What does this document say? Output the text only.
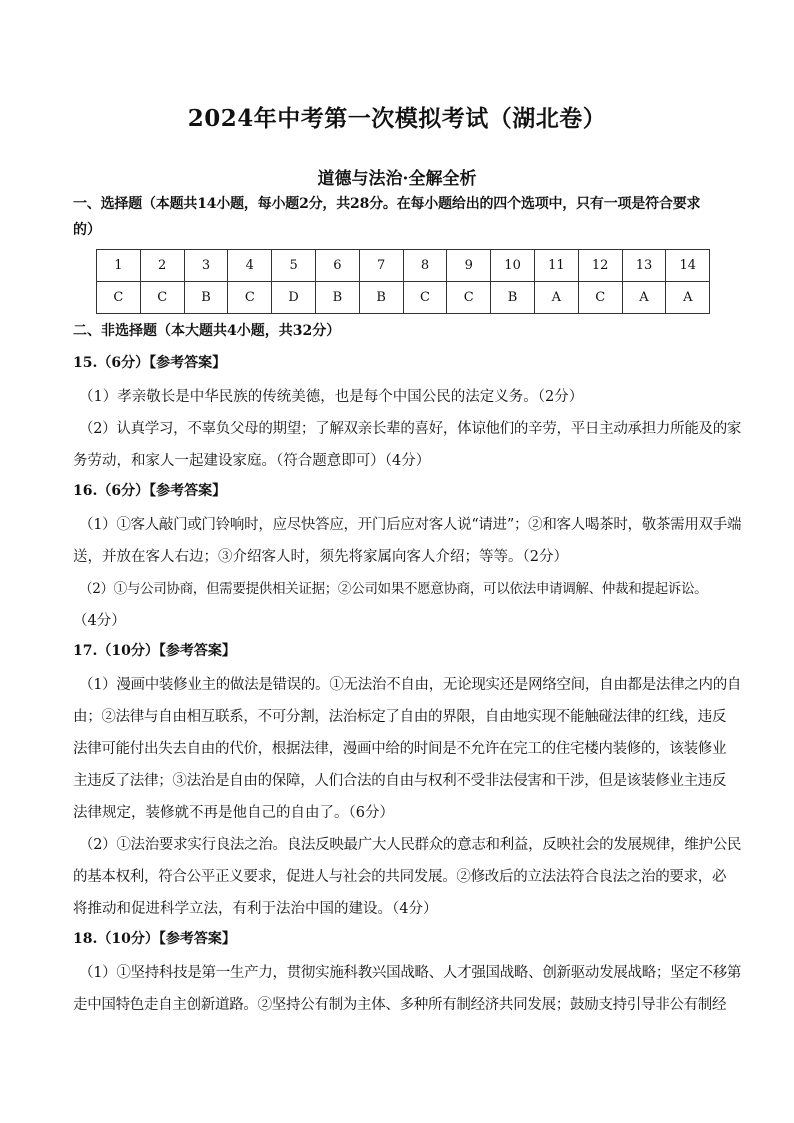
2024年中考第一次模拟考试（湖北卷）
道德与法治·全解全析
一、选择题（本题共14小题，每小题2分，共28分。在每小题给出的四个选项中，只有一项是符合要求
的）
1	2	3	4	5	6	7	8	9	10	11	12	13	14
C	C	B	C	D	B	B	C	C	B	A	C	A	A
二、非选择题（本大题共4小题，共32分）
15.（6分）【参考答案】
（1）孝亲敬长是中华民族的传统美德，也是每个中国公民的法定义务。（2分）
（2）认真学习，不辜负父母的期望；了解双亲长辈的喜好，体谅他们的辛劳，平日主动承担力所能及的家
务劳动，和家人一起建设家庭。（符合题意即可）（4分）
16.（6分）【参考答案】
（1）①客人敲门或门铃响时，应尽快答应，开门后应对客人说“请进”；②和客人喝茶时，敬茶需用双手端
送，并放在客人右边；③介绍客人时，须先将家属向客人介绍；等等。（2分）
（2）①与公司协商，但需要提供相关证据；②公司如果不愿意协商，可以依法申请调解、仲裁和提起诉讼。
（4分）
17.（10分）【参考答案】
（1）漫画中装修业主的做法是错误的。①无法治不自由，无论现实还是网络空间，自由都是法律之内的自
由；②法律与自由相互联系，不可分割，法治标定了自由的界限，自由地实现不能触碰法律的红线，违反
法律可能付出失去自由的代价，根据法律，漫画中给的时间是不允许在完工的住宅楼内装修的，该装修业
主违反了法律；③法治是自由的保障，人们合法的自由与权利不受非法侵害和干涉，但是该装修业主违反
法律规定，装修就不再是他自己的自由了。（6分）
（2）①法治要求实行良法之治。良法反映最广大人民群众的意志和利益，反映社会的发展规律，维护公民
的基本权利，符合公平正义要求，促进人与社会的共同发展。②修改后的立法法符合良法之治的要求，必
将推动和促进科学立法，有利于法治中国的建设。（4分）
18.（10分）【参考答案】
（1）①坚持科技是第一生产力，贯彻实施科教兴国战略、人才强国战略、创新驱动发展战略；坚定不移第
走中国特色走自主创新道路。②坚持公有制为主体、多种所有制经济共同发展；鼓励支持引导非公有制经
